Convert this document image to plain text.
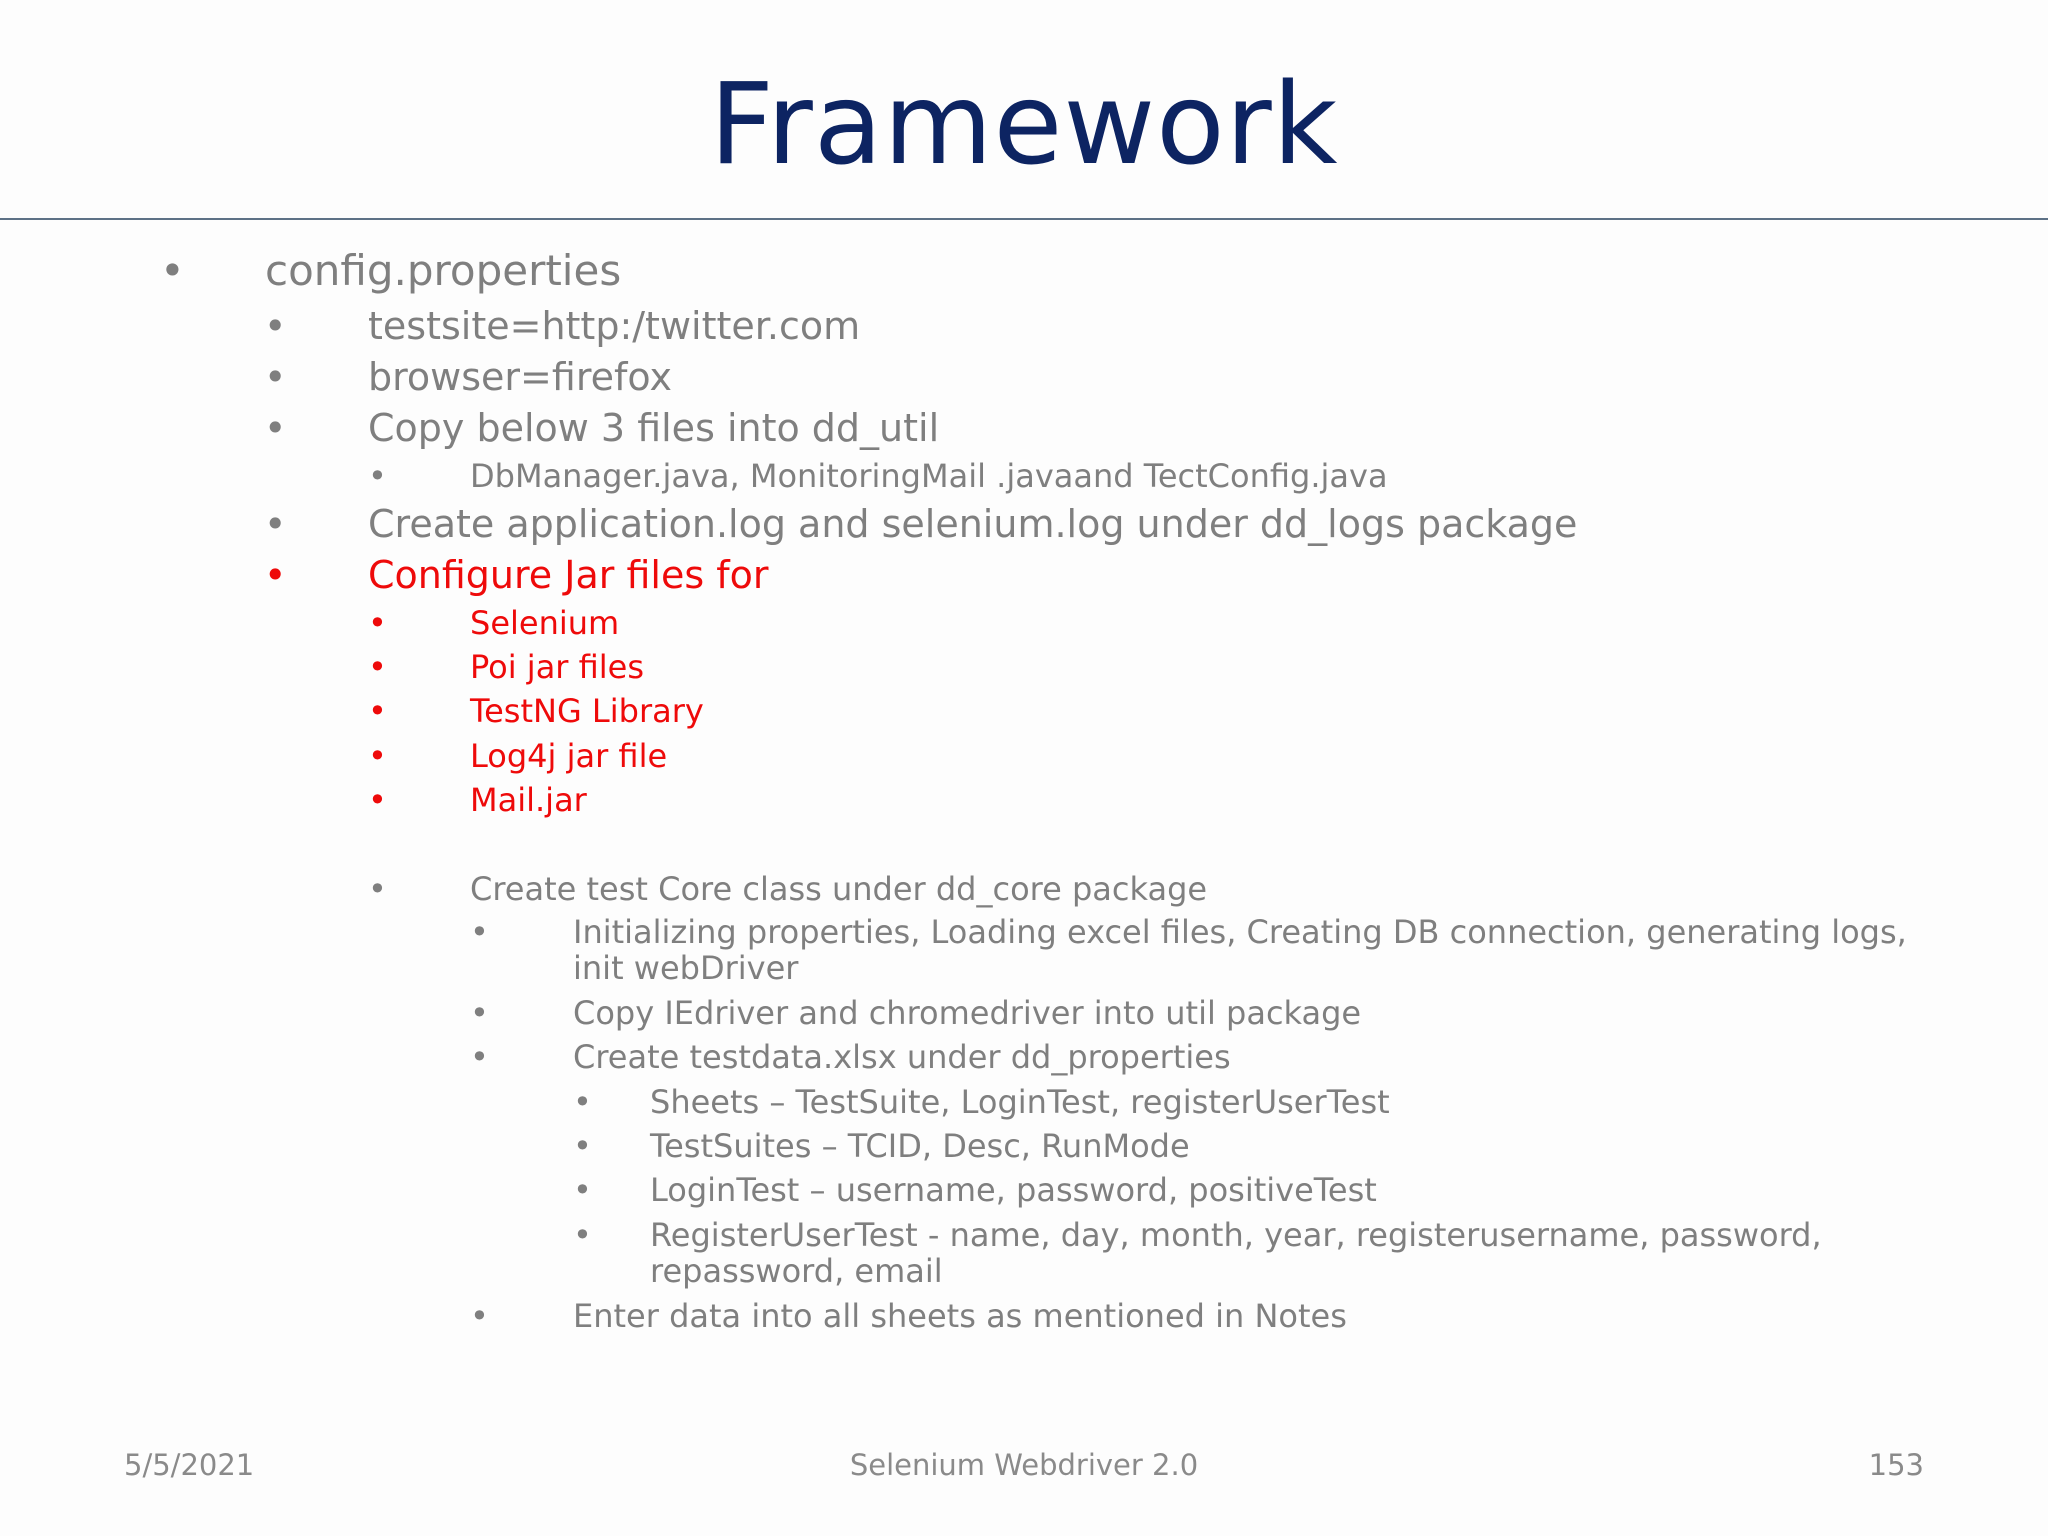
Framework
• config.properties
• testsite=http:/twitter.com
• browser=firefox
• Copy below 3 files into dd_util
•	DbManager.java, MonitoringMail .javaand TectConfig.java
• Create application.log and selenium.log under dd_logs package
• Configure Jar files for
•	Selenium
•	Poi jar files
•	TestNG Library
•	Log4j jar file
•	Mail.jar
•	Create test Core class under dd_core package
•	Initializing properties, Loading excel files, Creating DB connection, generating logs, init webDriver
•	Copy IEdriver and chromedriver into util package
•	Create testdata.xlsx under dd_properties
• Sheets – TestSuite, LoginTest, registerUserTest
• TestSuites – TCID, Desc, RunMode
• LoginTest – username, password, positiveTest
• RegisterUserTest - name, day, month, year, registerusername, password, repassword, email
•	Enter data into all sheets as mentioned in Notes
5/5/2021	Selenium Webdriver 2.0	153
